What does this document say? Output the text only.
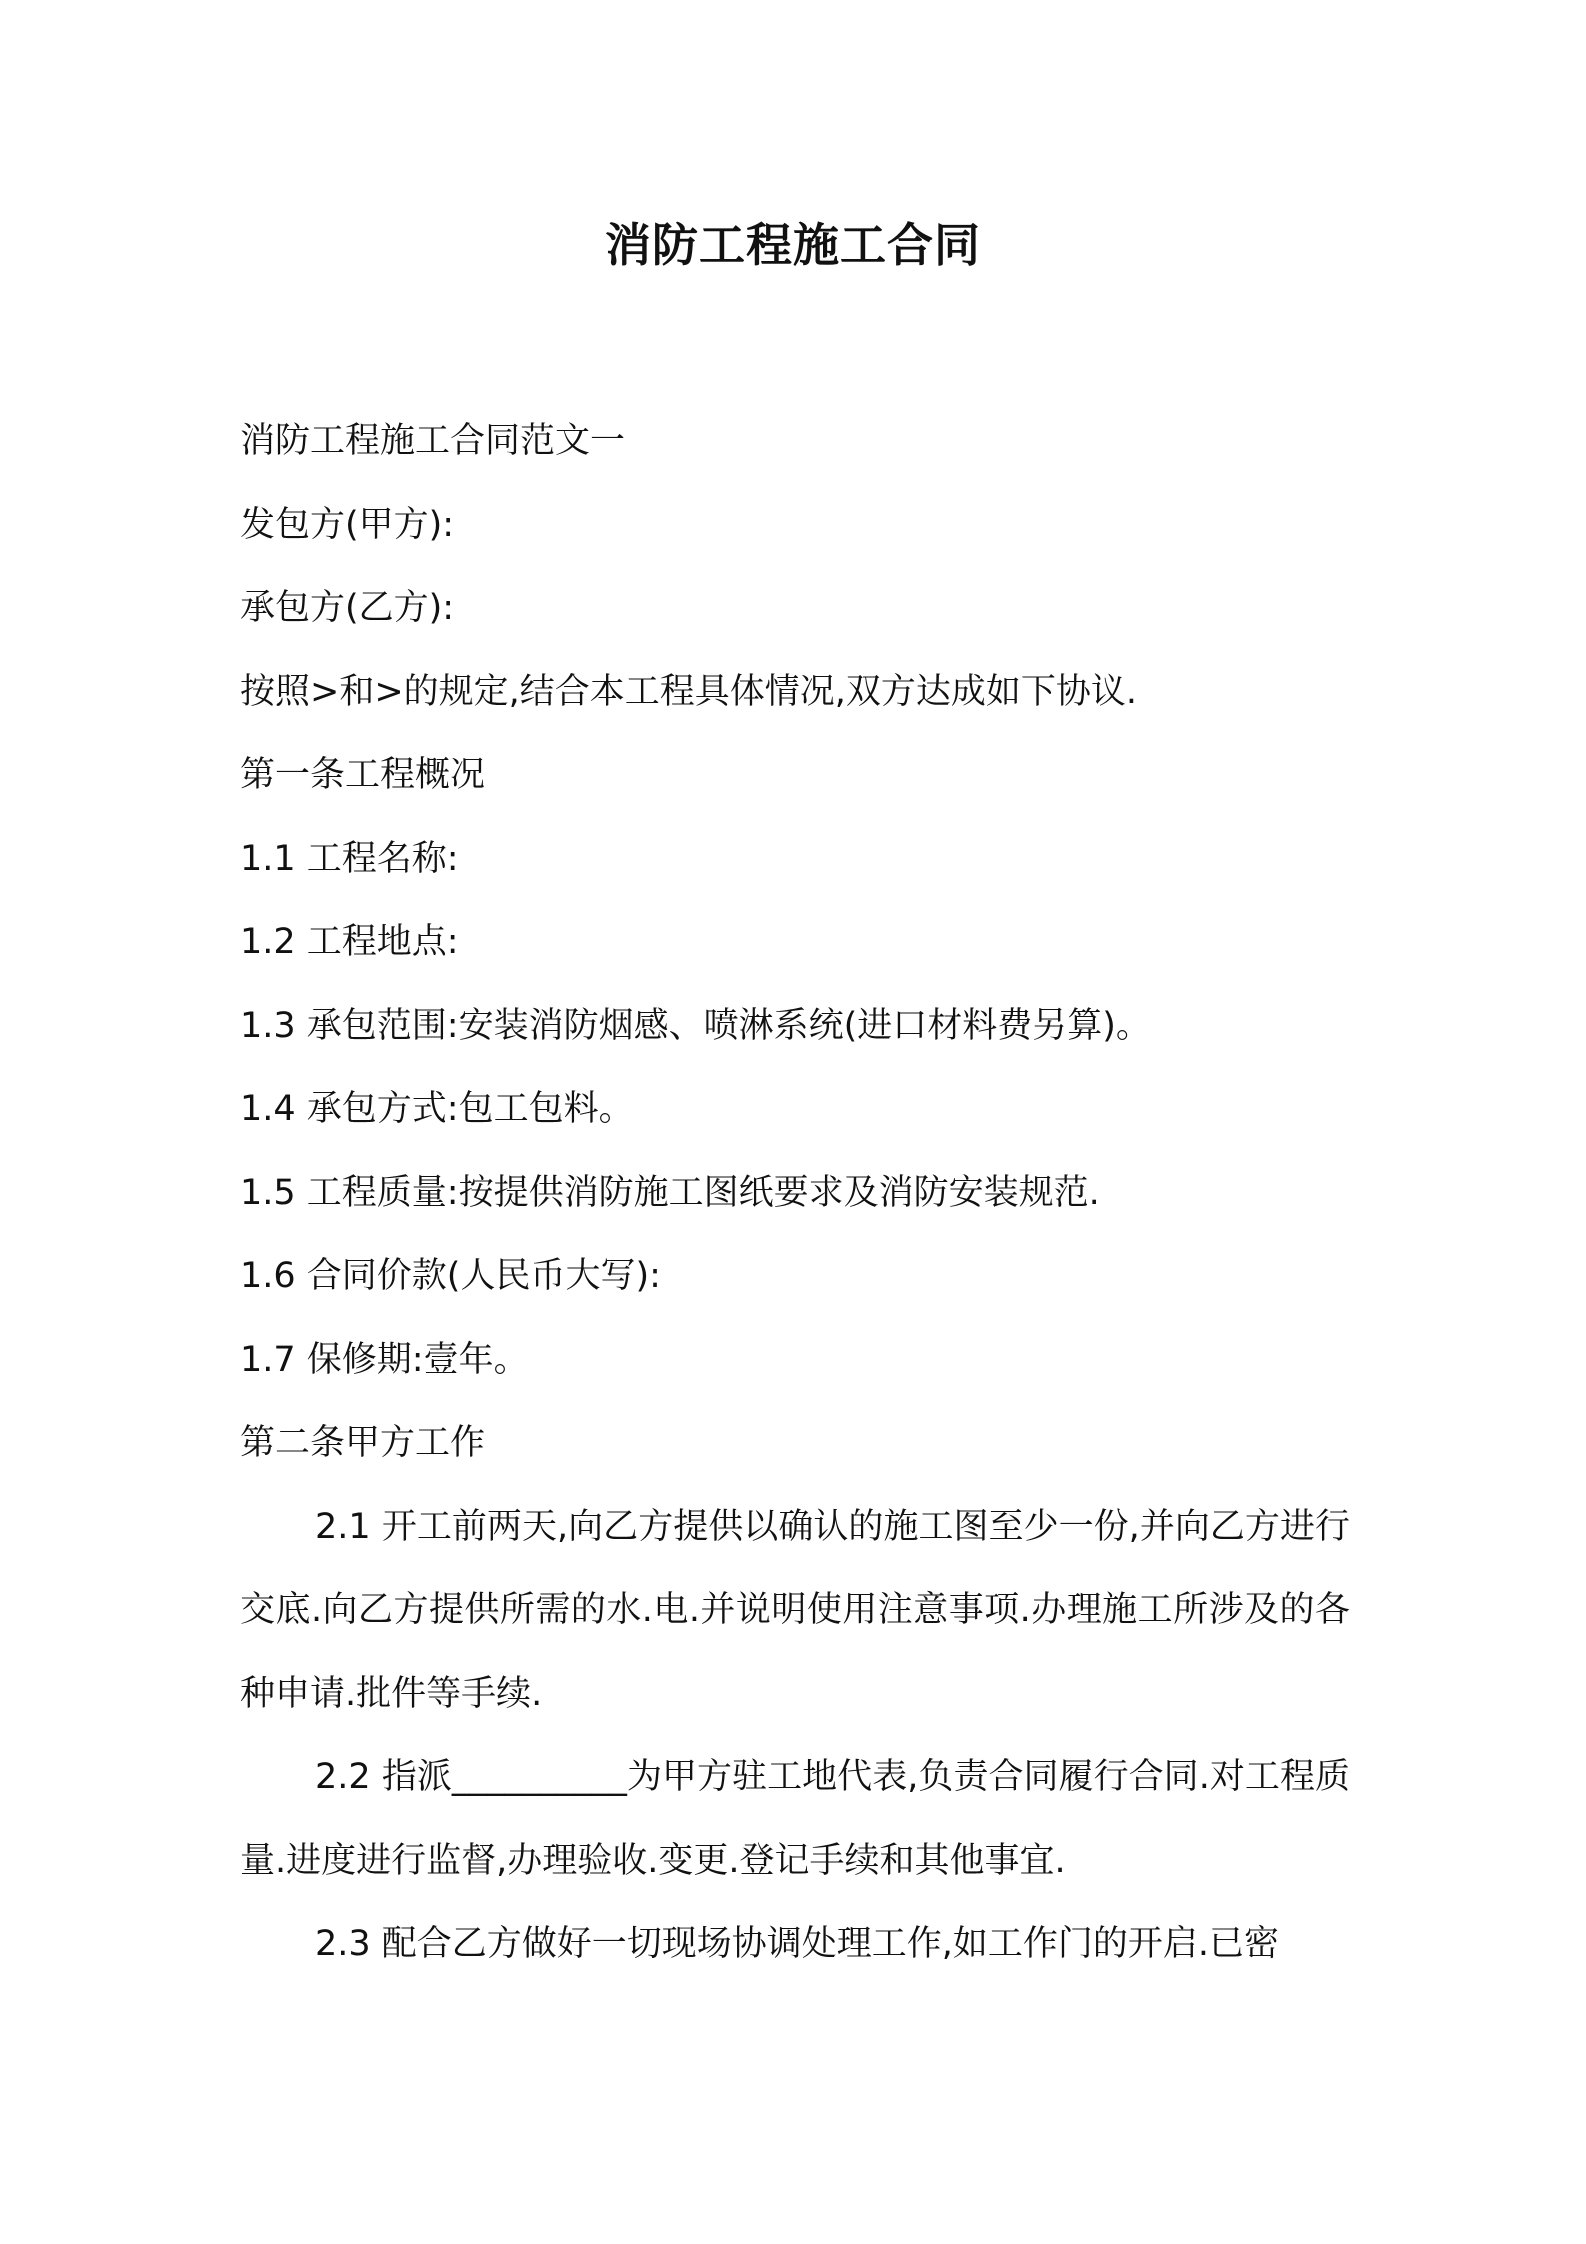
消防工程施工合同

消防工程施工合同范文一

发包方(甲方):

承包方(乙方):

按照>和>的规定,结合本工程具体情况,双方达成如下协议.

第一条工程概况

1.1 工程名称:

1.2 工程地点:

1.3 承包范围:安装消防烟感、喷淋系统(进口材料费另算)。

1.4 承包方式:包工包料。

1.5 工程质量:按提供消防施工图纸要求及消防安装规范.

1.6 合同价款(人民币大写):

1.7 保修期:壹年。

第二条甲方工作

2.1 开工前两天,向乙方提供以确认的施工图至少一份,并向乙方进行交底.向乙方提供所需的水.电.并说明使用注意事项.办理施工所涉及的各种申请.批件等手续.

2.2 指派__________为甲方驻工地代表,负责合同履行合同.对工程质量.进度进行监督,办理验收.变更.登记手续和其他事宜.

2.3 配合乙方做好一切现场协调处理工作,如工作门的开启.已密
